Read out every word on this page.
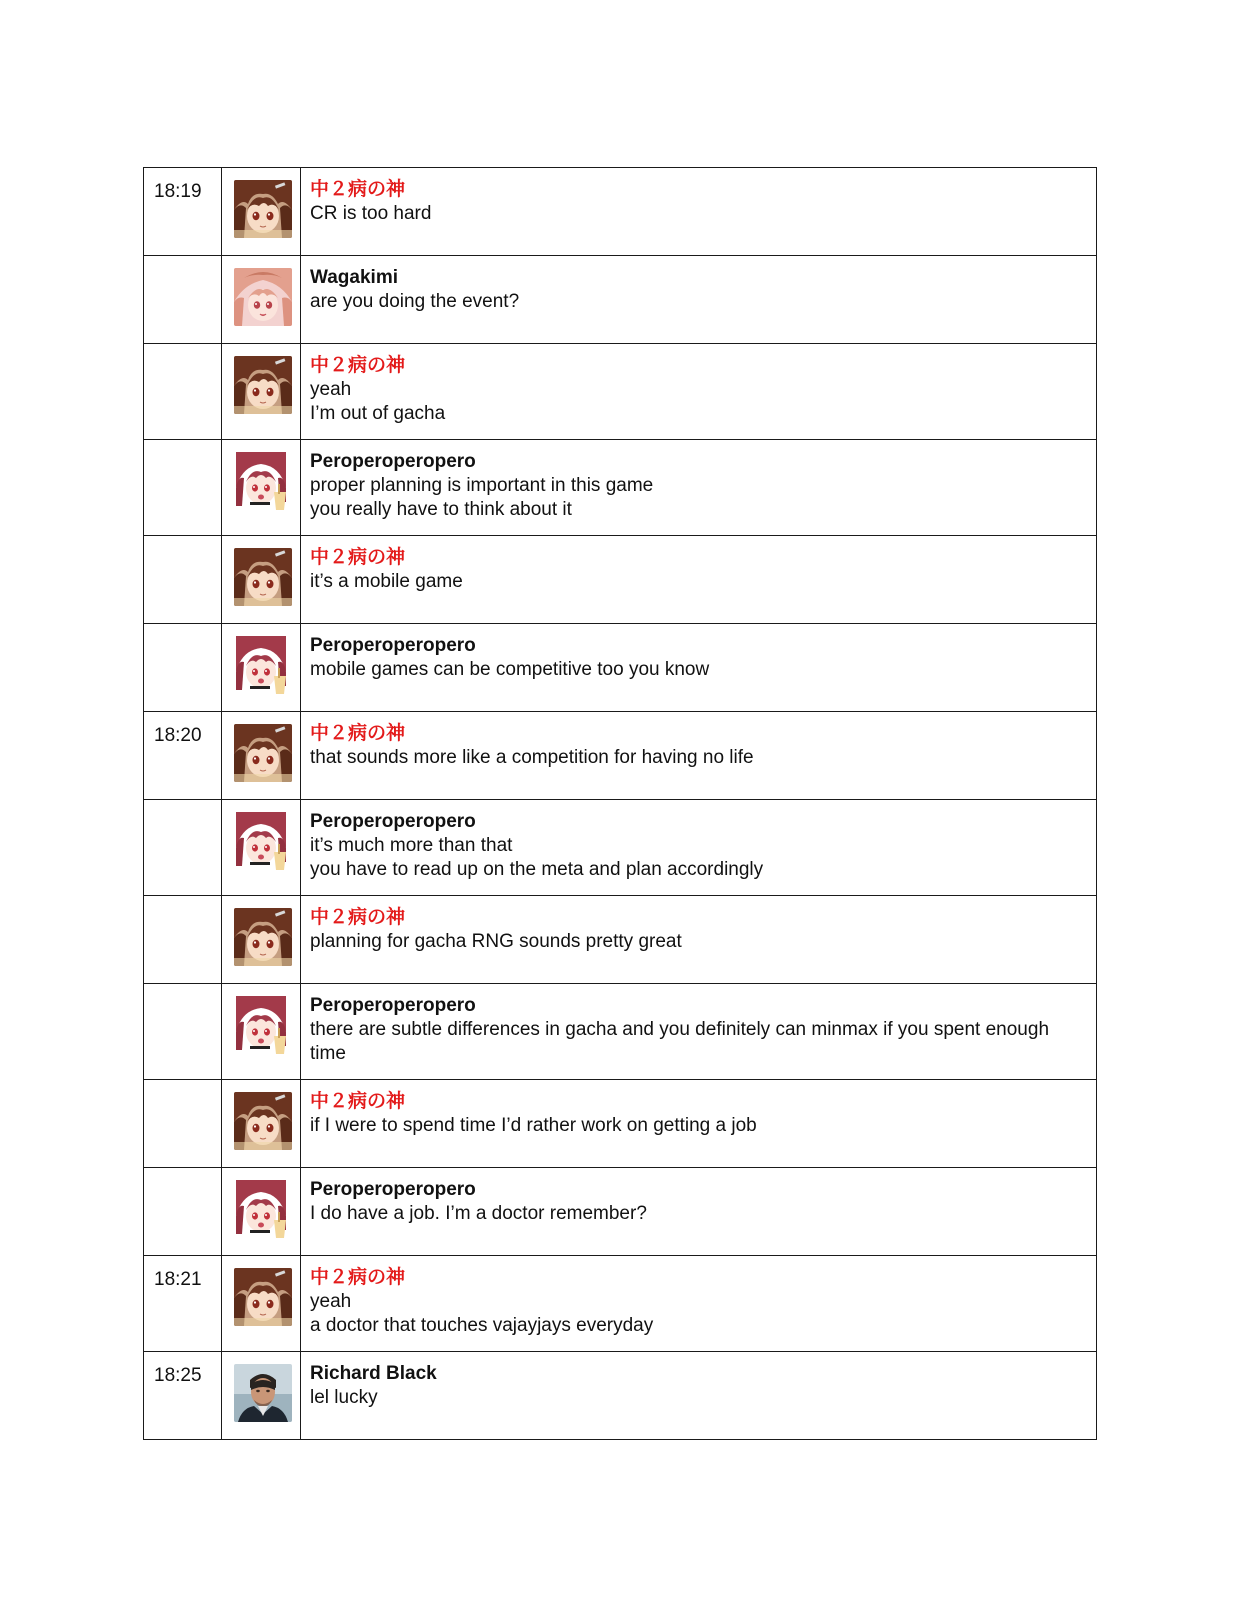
18:19		中２病の神
CR is too hard

Wagakimi
are you doing the event?

中２病の神
yeah
I’m out of gacha

Peroperoperopero
proper planning is important in this game
you really have to think about it

中２病の神
it’s a mobile game

Peroperoperopero
mobile games can be competitive too you know

18:20		中２病の神
that sounds more like a competition for having no life

Peroperoperopero
it’s much more than that
you have to read up on the meta and plan accordingly

中２病の神
planning for gacha RNG sounds pretty great

Peroperoperopero
there are subtle differences in gacha and you definitely can minmax if you spent enough
time

中２病の神
if I were to spend time I’d rather work on getting a job

Peroperoperopero
I do have a job. I’m a doctor remember?

18:21		中２病の神
yeah
a doctor that touches vajayjays everyday

18:25		Richard Black
lel lucky
